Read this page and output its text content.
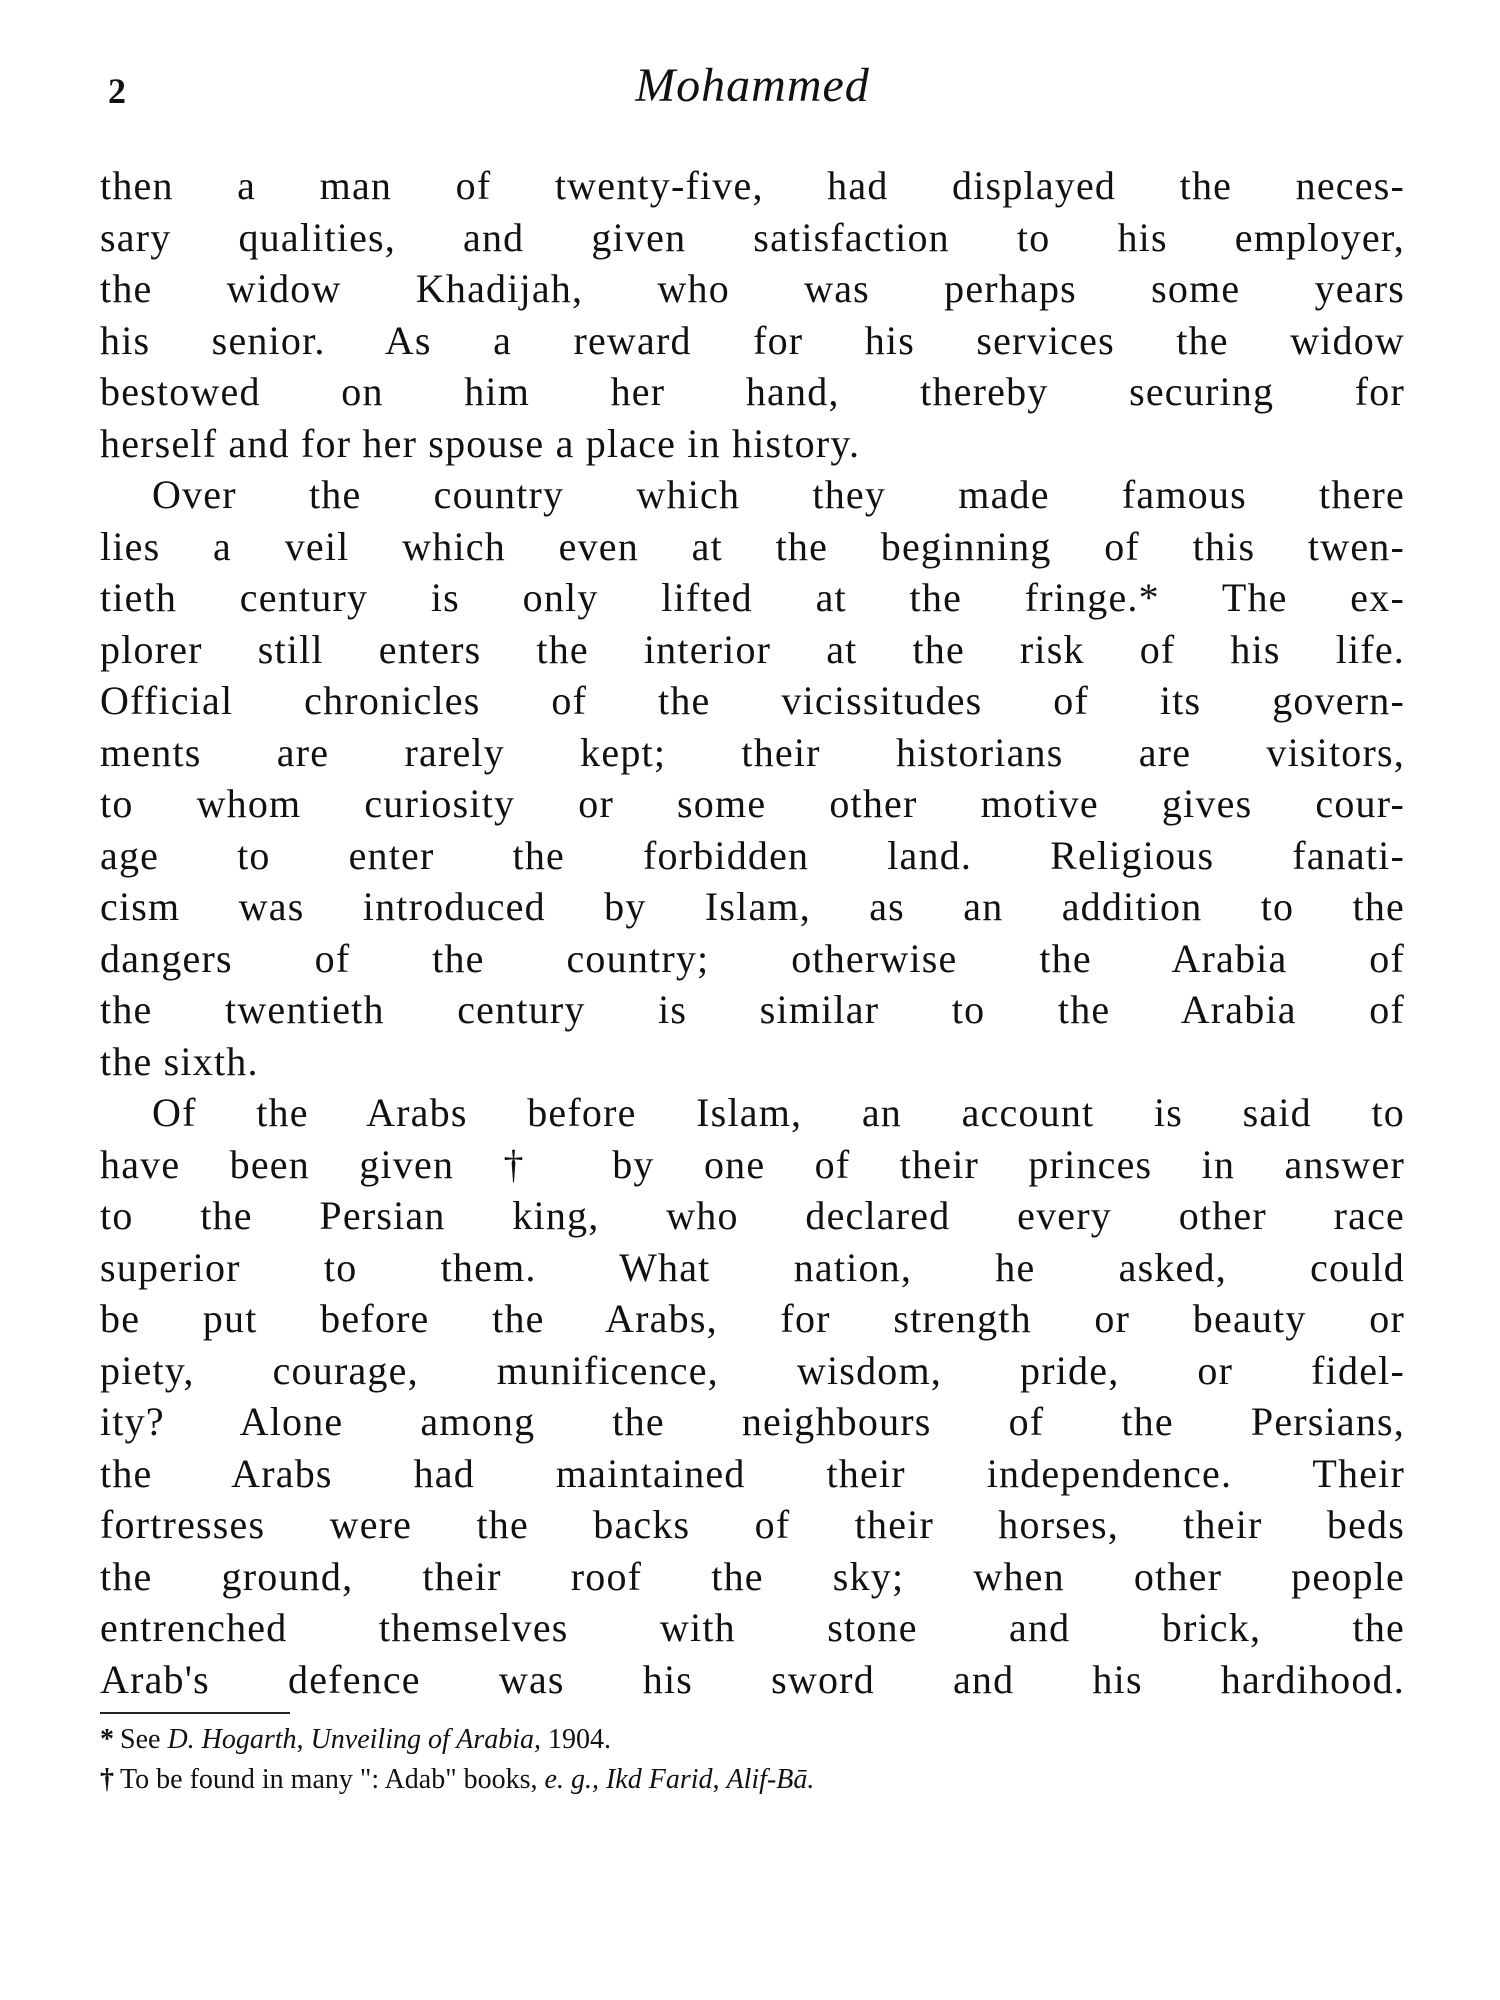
2	Mohammed
then a man of twenty-five, had displayed the neces-
sary qualities, and given satisfaction to his employer,
the widow Khadijah, who was perhaps some years
his senior. As a reward for his services the widow
bestowed on him her hand, thereby securing for
herself and for her spouse a place in history.
Over the country which they made famous there
lies a veil which even at the beginning of this twen-
tieth century is only lifted at the fringe.* The ex-
plorer still enters the interior at the risk of his life.
Official chronicles of the vicissitudes of its govern-
ments are rarely kept; their historians are visitors,
to whom curiosity or some other motive gives cour-
age to enter the forbidden land. Religious fanati-
cism was introduced by Islam, as an addition to the
dangers of the country; otherwise the Arabia of
the twentieth century is similar to the Arabia of
the sixth.
Of the Arabs before Islam, an account is said to
have been given † by one of their princes in answer
to the Persian king, who declared every other race
superior to them. What nation, he asked, could
be put before the Arabs, for strength or beauty or
piety, courage, munificence, wisdom, pride, or fidel-
ity? Alone among the neighbours of the Persians,
the Arabs had maintained their independence. Their
fortresses were the backs of their horses, their beds
the ground, their roof the sky; when other people
entrenched themselves with stone and brick, the
Arab's defence was his sword and his hardihood.
* See D. Hogarth, Unveiling of Arabia, 1904.
† To be found in many ": Adab" books, e. g., Ikd Farid, Alif-Bā.
